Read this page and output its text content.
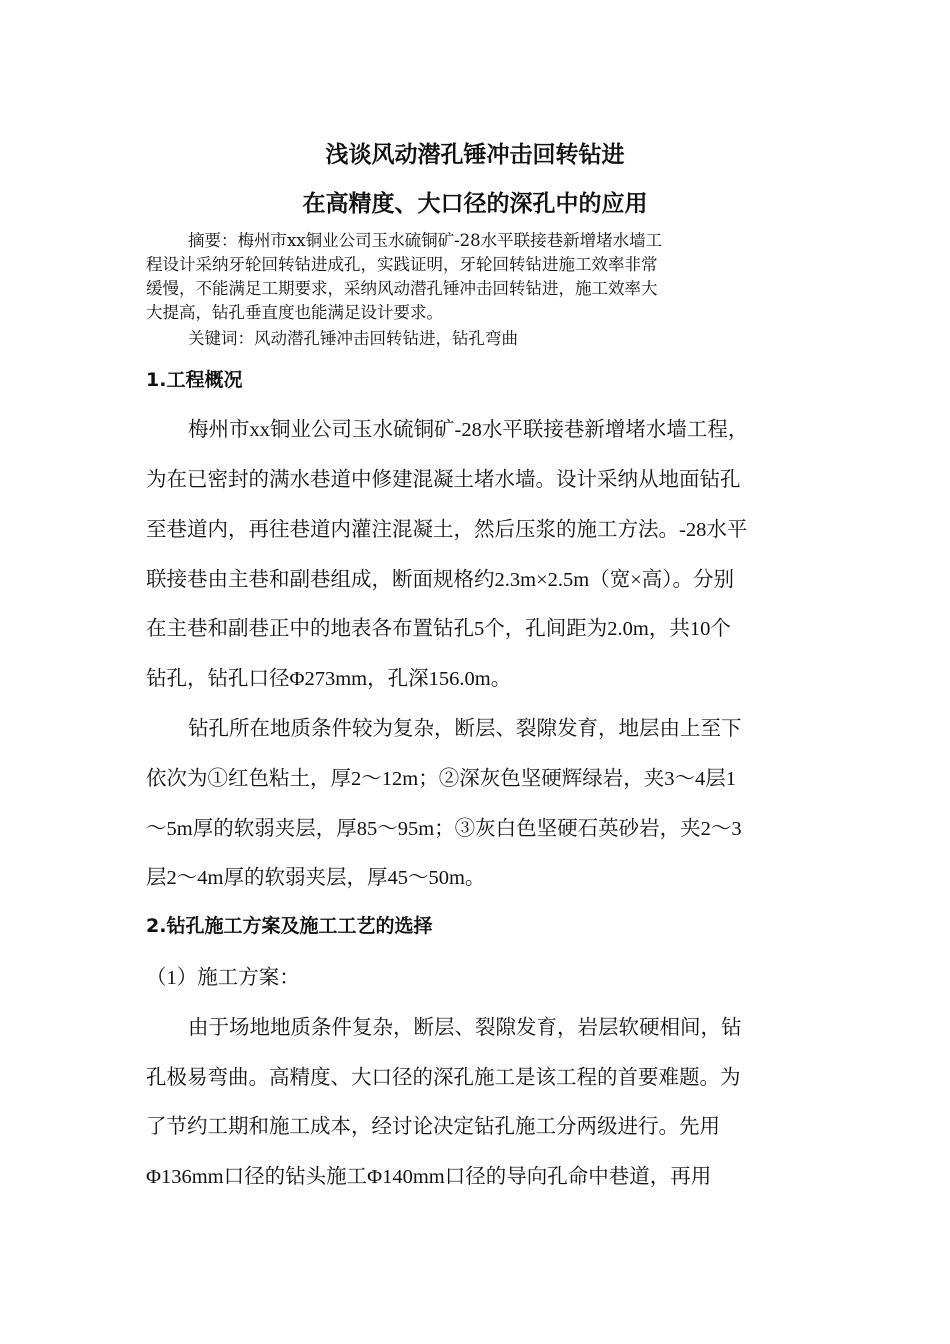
浅谈风动潜孔锤冲击回转钻进
在高精度、大口径的深孔中的应用
摘要：梅州市xx铜业公司玉水硫铜矿-28水平联接巷新增堵水墙工
程设计采纳牙轮回转钻进成孔，实践证明，牙轮回转钻进施工效率非常
缓慢，不能满足工期要求，采纳风动潜孔锤冲击回转钻进，施工效率大
大提高，钻孔垂直度也能满足设计要求。
关键词：风动潜孔锤冲击回转钻进，钻孔弯曲
1.工程概况
梅州市xx铜业公司玉水硫铜矿-28水平联接巷新增堵水墙工程，
为在已密封的满水巷道中修建混凝土堵水墙。设计采纳从地面钻孔
至巷道内，再往巷道内灌注混凝土，然后压浆的施工方法。-28水平
联接巷由主巷和副巷组成，断面规格约2.3m×2.5m（宽×高）。分别
在主巷和副巷正中的地表各布置钻孔5个，孔间距为2.0m，共10个
钻孔，钻孔口径Φ273mm，孔深156.0m。
钻孔所在地质条件较为复杂，断层、裂隙发育，地层由上至下
依次为①红色粘土，厚2～12m；②深灰色坚硬辉绿岩，夹3～4层1
～5m厚的软弱夹层，厚85～95m；③灰白色坚硬石英砂岩，夹2～3
层2～4m厚的软弱夹层，厚45～50m。
2.钻孔施工方案及施工工艺的选择
（1）施工方案：
由于场地地质条件复杂，断层、裂隙发育，岩层软硬相间，钻
孔极易弯曲。高精度、大口径的深孔施工是该工程的首要难题。为
了节约工期和施工成本，经讨论决定钻孔施工分两级进行。先用
Φ136mm口径的钻头施工Φ140mm口径的导向孔命中巷道，再用
